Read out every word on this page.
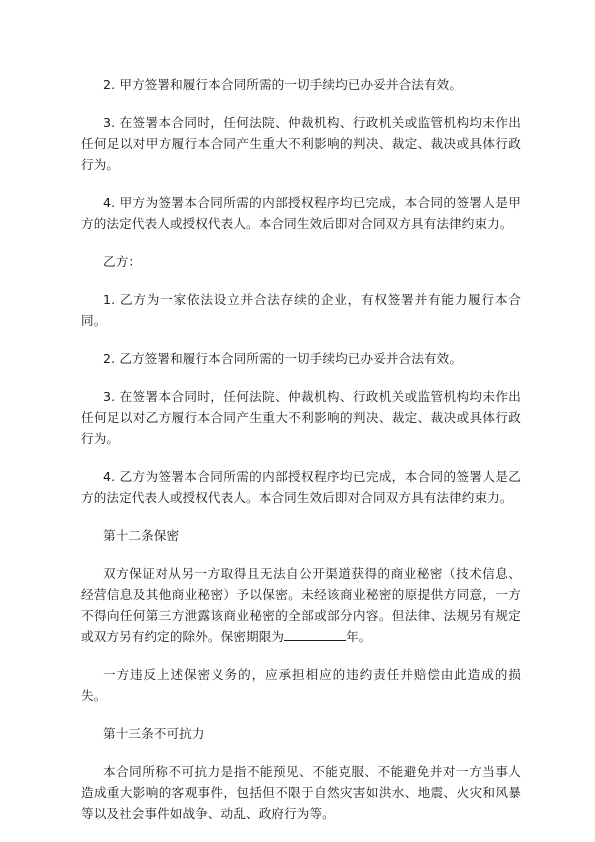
2. 甲方签署和履行本合同所需的一切手续均已办妥并合法有效。

3. 在签署本合同时，任何法院、仲裁机构、行政机关或监管机构均未作出任何足以对甲方履行本合同产生重大不利影响的判决、裁定、裁决或具体行政行为。

4. 甲方为签署本合同所需的内部授权程序均已完成，本合同的签署人是甲方的法定代表人或授权代表人。本合同生效后即对合同双方具有法律约束力。

乙方：

1. 乙方为一家依法设立并合法存续的企业，有权签署并有能力履行本合同。

2. 乙方签署和履行本合同所需的一切手续均已办妥并合法有效。

3. 在签署本合同时，任何法院、仲裁机构、行政机关或监管机构均未作出任何足以对乙方履行本合同产生重大不利影响的判决、裁定、裁决或具体行政行为。

4. 乙方为签署本合同所需的内部授权程序均已完成，本合同的签署人是乙方的法定代表人或授权代表人。本合同生效后即对合同双方具有法律约束力。

第十二条保密

双方保证对从另一方取得且无法自公开渠道获得的商业秘密（技术信息、经营信息及其他商业秘密）予以保密。未经该商业秘密的原提供方同意，一方不得向任何第三方泄露该商业秘密的全部或部分内容。但法律、法规另有规定或双方另有约定的除外。保密期限为	年。

一方违反上述保密义务的，应承担相应的违约责任并赔偿由此造成的损失。

第十三条不可抗力

本合同所称不可抗力是指不能预见、不能克服、不能避免并对一方当事人造成重大影响的客观事件，包括但不限于自然灾害如洪水、地震、火灾和风暴等以及社会事件如战争、动乱、政府行为等。
